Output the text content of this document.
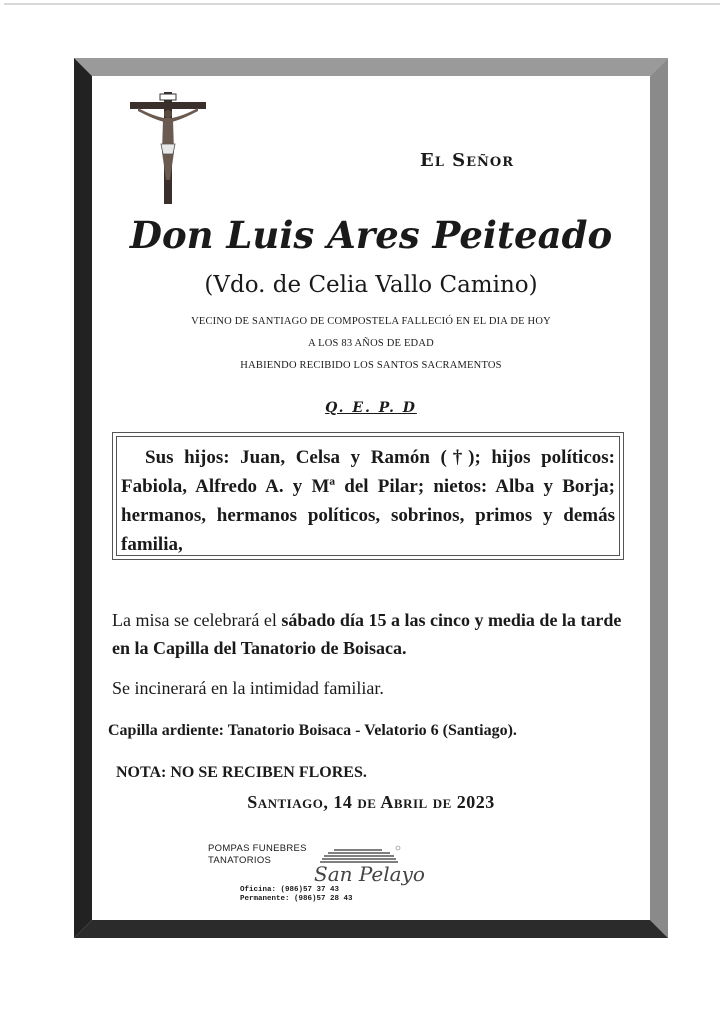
El Señor
Don Luis Ares Peiteado
(Vdo. de Celia Vallo Camino)
VECINO DE SANTIAGO DE COMPOSTELA FALLECIÓ EN EL DIA DE HOY
A LOS 83 AÑOS DE EDAD
HABIENDO RECIBIDO LOS SANTOS SACRAMENTOS
Q. E. P. D
Sus hijos: Juan, Celsa y Ramón (†); hijos políticos: Fabiola, Alfredo A. y Mª del Pilar; nietos: Alba y Borja; hermanos, hermanos políticos, sobrinos, primos y demás familia,
La misa se celebrará el sábado día 15 a las cinco y media de la tarde en la Capilla del Tanatorio de Boisaca.
Se incinerará en la intimidad familiar.
Capilla ardiente: Tanatorio Boisaca - Velatorio 6 (Santiago).
NOTA: NO SE RECIBEN FLORES.
Santiago, 14 de Abril de 2023
POMPAS FUNEBRES
TANATORIOS
San Pelayo
Oficina: (986)57 37 43
Permanente: (986)57 28 43
